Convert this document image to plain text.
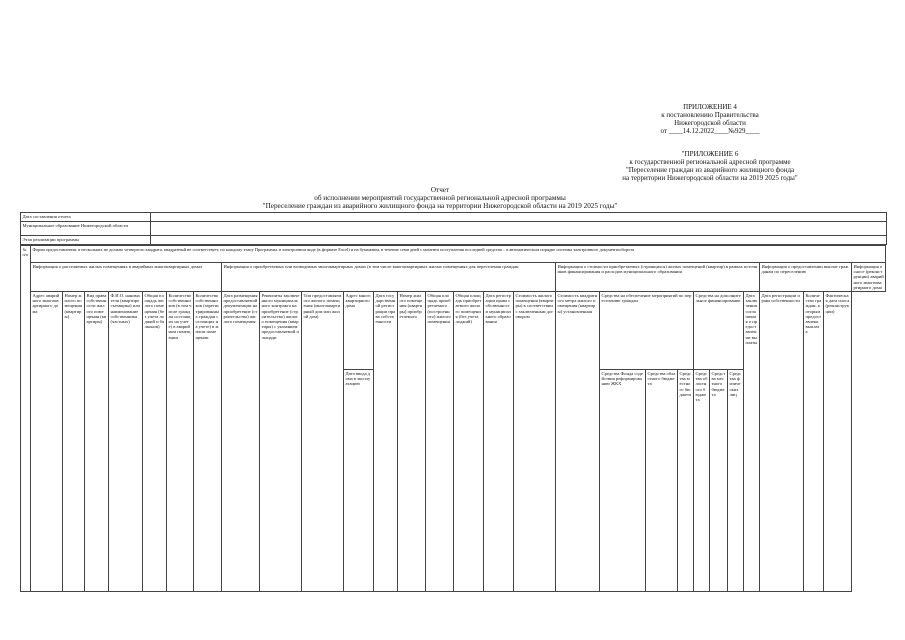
ПРИЛОЖЕНИЕ 4
к постановлению Правительства
Нижегородской области
от ____14.12.2022____№929____
"ПРИЛОЖЕНИЕ 6
к государственной региональной адресной программе
"Переселение граждан из аварийного жилищного фонда
на территории Нижегородской области на 2019 2025 годы"
Отчет
об исполнении мероприятий государственной региональной адресной программы
"Переселение граждан из аварийного жилищного фонда на территории Нижегородской области на 2019 2025 годы"
Дата составления отчета	
Муниципальное образование Нижегородской области	
Этап реализации программы	
№ п/п	Форма предоставления: в нескольких не должно четвертого квадрата, квадратный не соответствует, по каждому этапу Программы. в электронном виде (в формате Excel) и на бумажном, в течение семи дней с момента поступления последней средства – в автоматическом порядке системы электронного документооборота																												
	Информация о расселяемых жилых помещениях в аварийных многоквартирных домах							Информация о приобретаемых или возводимых многоквартирных домах (в том числе многоквартирных жилых помещениях для переселения граждан										Информация о стоимости приобретаемых (строящихся) жилых помещений (квартир) в рамках источников финансирования и расходов муниципального образования								Информация о предоставлении выплат гражданам по переселению			Информация о сносе (реконструкции) аварийного многоквартирного дома
	Адрес аварийного многоквартирного дома	Номер жилого помещения (квартиры)	Вид права собственности жилого помещения (квартиры)	Ф.И.О. нанимателя (квартиросъемщика) или наименование собственника (частных)	Общая площадь жилого помещения (без учета лоджий и балконов)	Количество собственников (в том числе граждан состоящих на учете) в аварийном помещении	Количество собственников (зарегистрированных граждан состоящих на учете) в жилом помещении	Дата размещения предоставляемой документации на приобретение (строительства) жилого помещения	Реквизиты заключенного муниципального контракта на приобретение (строительство) жилого помещения (квартиры) с указанием предоставляемой площади	Тип предоставляемого жилого помещения (многоквартирный дом или жилой дом)	Адрес многоквартирного дома	Дата государственной регистрации права собственности	Номер жилого помещения (квартиры) приобретаемого	Общая площадь приобретаемого (построенного) жилого помещения	Общая площадь приобретаемого жилого помещения (без учета лоджий)	Дата регистрации права собственности муниципального образования	Стоимость жилого помещения (квартиры) в соответствии с заключенным договором	Стоимость квадратного метра жилого помещения (квартиры) установленная	Средства на обеспечение мероприятий по переселению граждан			Средства на дополнительное финансирование			Дата заключения соглашения о предоставлении выплаты	Дата регистрации права собственности	Количество граждан, которым предоставлена выплата	Фактическая дата сноса (реконструкции)	
											Дата ввода дома в эксплуатацию								Средства Фонда содействия реформированию ЖКХ	Средства областного бюджета	Средства местного бюджета	Средства областного бюджета	Средства местного бюджета	Средства физических лиц					
